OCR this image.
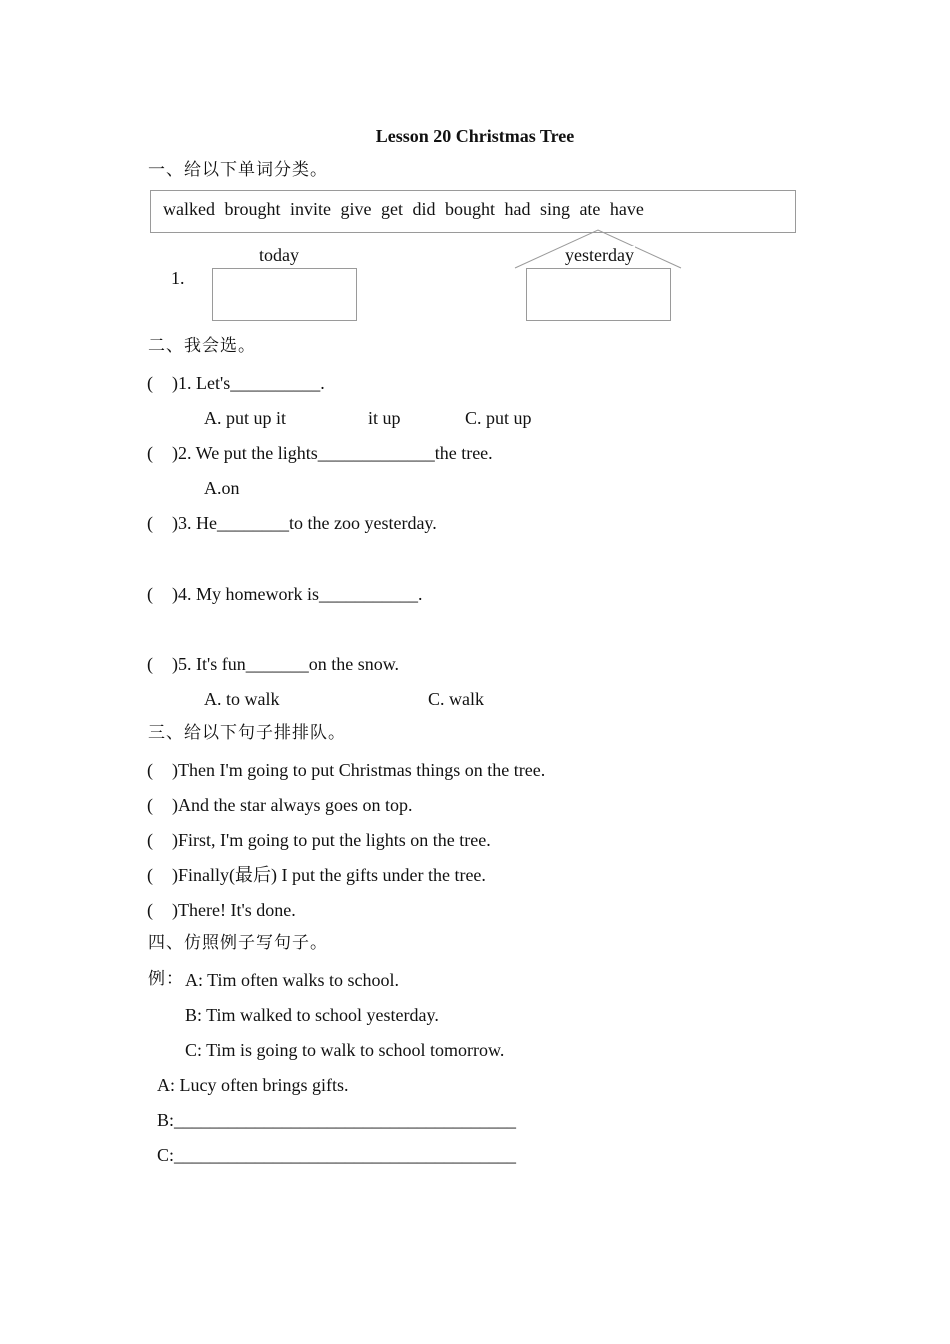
Lesson 20 Christmas Tree
一、给以下单词分类。
walked brought invite give get did bought had sing ate have
today
1.
yesterday
二、我会选。
( )1. Let's__________.
A. put up it	it up	C. put up
( )2. We put the lights_____________the tree.
A.on
( )3. He________to the zoo yesterday.
( )4. My homework is___________.
( )5. It's fun_______on the snow.
A. to walk	C. walk
三、给以下句子排排队。
( )Then I'm going to put Christmas things on the tree.
( )And the star always goes on top.
( )First, I'm going to put the lights on the tree.
( )Finally(最后) I put the gifts under the tree.
( )There! It's done.
四、仿照例子写句子。
例： A: Tim often walks to school.
B: Tim walked to school yesterday.
C: Tim is going to walk to school tomorrow.
A: Lucy often brings gifts.
B:______________________________________
C:______________________________________
